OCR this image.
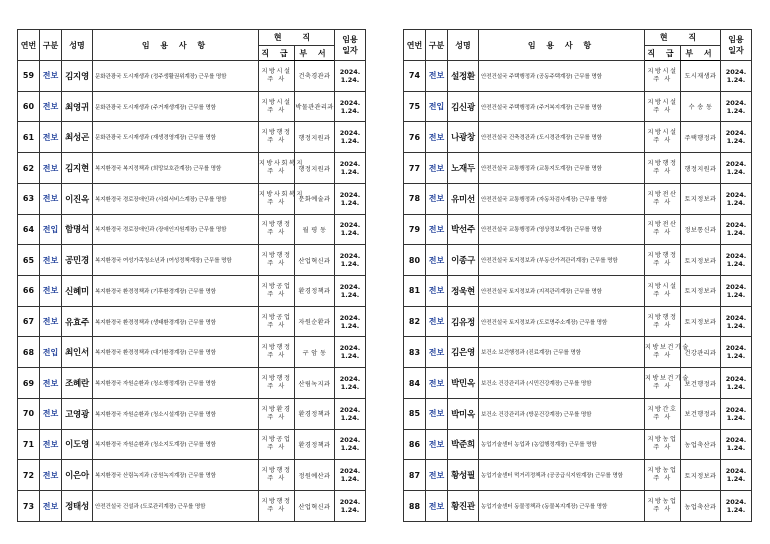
연번	구분	성명	임 용 사 항	현 직		임용
일자

				직 급	부 서	
59	전보	김지영	문화관광국 도시재생과 (정주생활권위계장) 근무를 명함	지방시설
주 사	건축경관과	2024.
1.24.

60	전보	최영귀	문화관광국 도시재생과 (주거재생계장) 근무를 명함	지방시설
주 사	박물관관리과	2024.
1.24.

61	전보	최성곤	문화관광국 도시재생과 (재생경영계장) 근무를 명함	지방행정
주 사	행정지원과	2024.
1.24.

62	전보	김지현	복지환경국 복지정책과 (희망보호관계장) 근무를 명함	지방사회복지
주 사	행정지원과	2024.
1.24.

63	전보	이진옥	복지환경국 경로장애인과 (사회서비스계장) 근무를 명함	지방사회복지
주 사	문화예술과	2024.
1.24.

64	전입	함명석	복지환경국 경로장애인과 (장애인지원계장) 근무를 명함	지방행정
주 사	월 평 동	2024.
1.24.

65	전보	공민경	복지환경국 여성가족청소년과 (여성정책계장) 근무를 명함	지방행정
주 사	산업혁신과	2024.
1.24.

66	전보	신혜미	복지환경국 환경정책과 (기후환경계장) 근무를 명함	지방공업
주 사	환경정책과	2024.
1.24.

67	전보	유효주	복지환경국 환경정책과 (생태환경계장) 근무를 명함	지방공업
주 사	자원순환과	2024.
1.24.

68	전입	최인서	복지환경국 환경정책과 (대기환경계장) 근무를 명함	지방행정
주 사	구 암 동	2024.
1.24.

69	전보	조혜란	복지환경국 자원순환과 (청소행정계장) 근무를 명함	지방행정
주 사	산림녹지과	2024.
1.24.

70	전보	고영광	복지환경국 자원순환과 (청소시설계장) 근무를 명함	지방환경
주 사	환경정책과	2024.
1.24.

71	전보	이도영	복지환경국 자원순환과 (청소지도계장) 근무를 명함	지방공업
주 사	환경정책과	2024.
1.24.

72	전보	이은아	복지환경국 산림녹지과 (공원녹지계장) 근무를 명함	지방행정
주 사	정원예산과	2024.
1.24.

73	전보	정태성	안전건설국 건설과 (도로관리계장) 근무를 명함	지방행정
주 사	산업혁신과	2024.
1.24.
연번	구분	성명	임 용 사 항	현 직		임용
일자

				직 급	부 서	
74	전보	설정환	안전건설국 주택행정과 (공동주택계장) 근무를 명함	지방시설
주 사	도시재생과	2024.
1.24.

75	전입	김신광	안전건설국 주택행정과 (주거복지계장) 근무를 명함	지방시설
주 사	수 송 동	2024.
1.24.

76	전보	나광창	안전건설국 건축경관과 (도시경관계장) 근무를 명함	지방시설
주 사	주택행정과	2024.
1.24.

77	전보	노재두	안전건설국 교통행정과 (교통지도계장) 근무를 명함	지방행정
주 사	행정지원과	2024.
1.24.

78	전보	유미선	안전건설국 교통행정과 (자동차검사계장) 근무를 명함	지방전산
주 사	토지정보과	2024.
1.24.

79	전보	박선주	안전건설국 교통행정과 (영상정보계장) 근무를 명함	지방전산
주 사	정보통신과	2024.
1.24.

80	전보	이종구	안전건설국 토지정보과 (부동산가격관리계장) 근무를 명함	지방행정
주 사	토지정보과	2024.
1.24.

81	전보	정욱현	안전건설국 토지정보과 (지적관리계장) 근무를 명함	지방시설
주 사	토지정보과	2024.
1.24.

82	전보	김유정	안전건설국 토지정보과 (도로명주소계장) 근무를 명함	지방행정
주 사	토지정보과	2024.
1.24.

83	전보	김은영	보건소 보건행정과 (진료계장) 근무를 명함	지방보건기술
주 사	건강관리과	2024.
1.24.

84	전보	박민옥	보건소 건강관리과 (시민건강계장) 근무를 명함	지방보건기술
주 사	보건행정과	2024.
1.24.

85	전보	박미옥	보건소 건강관리과 (방문건강계장) 근무를 명함	지방간호
주 사	보건행정과	2024.
1.24.

86	전보	박준희	농업기술센터 농업과 (농업행정계장) 근무를 명함	지방농업
주 사	농업축산과	2024.
1.24.

87	전보	황성필	농업기술센터 먹거리정책과 (공공급식지원계장) 근무를 명함	지방농업
주 사	토지정보과	2024.
1.24.

88	전보	황진관	농업기술센터 동물정책과 (동물복지계장) 근무를 명함	지방농업
주 사	농업축산과	2024.
1.24.
